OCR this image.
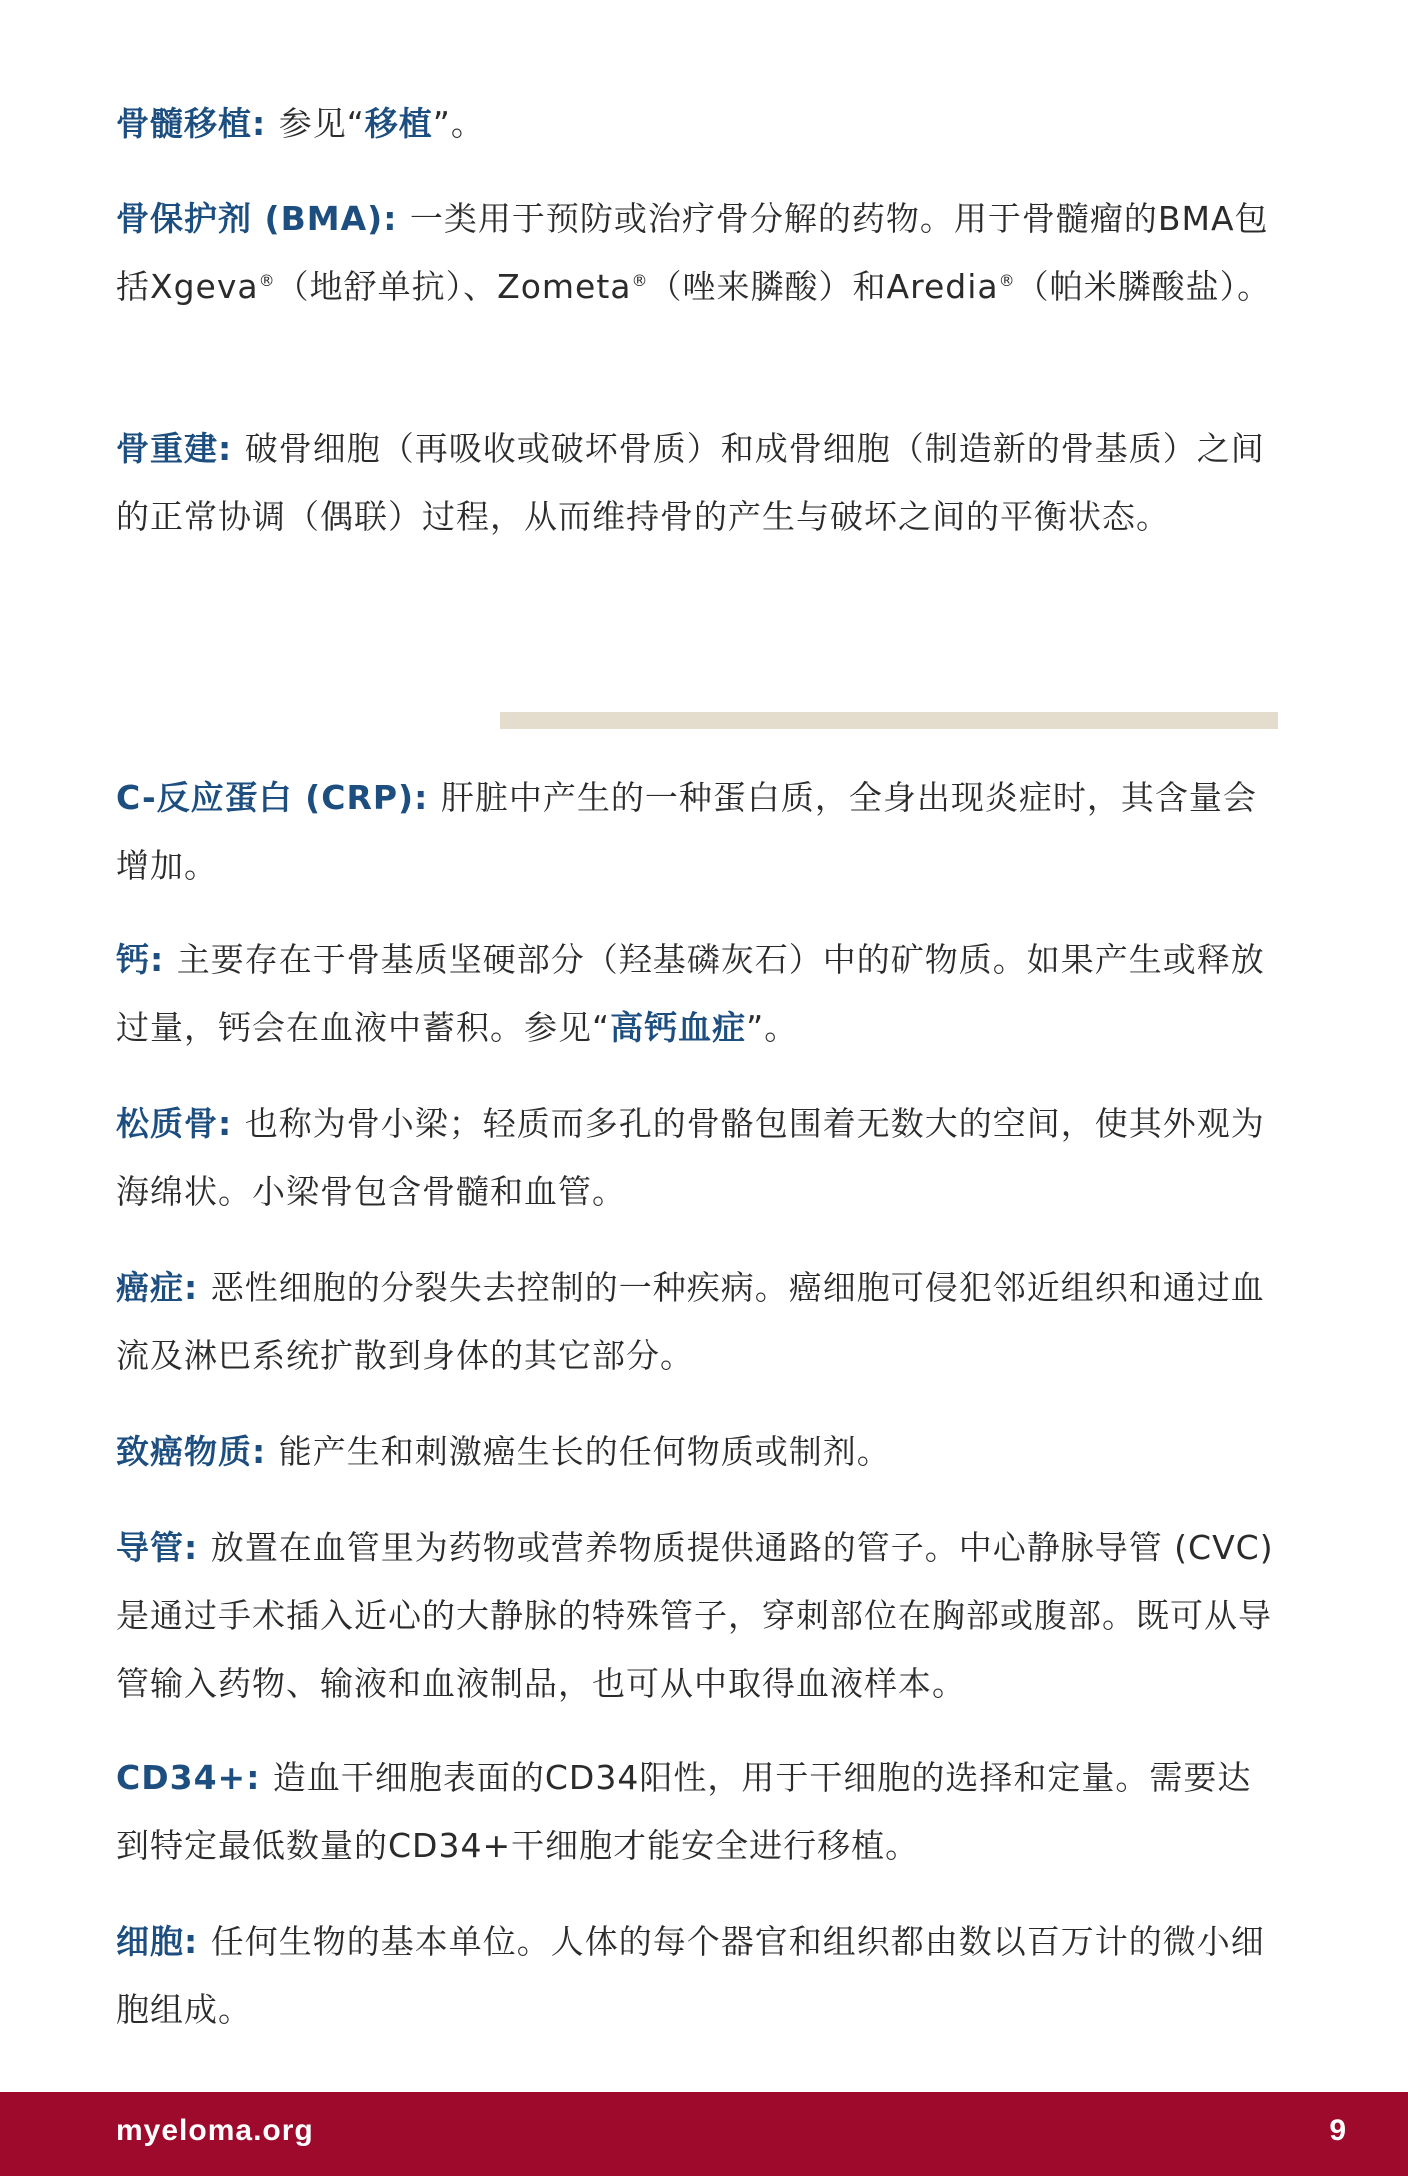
骨髓移植: 参见“移植”。

骨保护剂 (BMA): 一类用于预防或治疗骨分解的药物。用于骨髓瘤的BMA包括Xgeva®（地舒单抗）、Zometa®（唑来膦酸）和Aredia®（帕米膦酸盐）。

骨重建: 破骨细胞（再吸收或破坏骨质）和成骨细胞（制造新的骨基质）之间的正常协调（偶联）过程，从而维持骨的产生与破坏之间的平衡状态。

C-反应蛋白 (CRP): 肝脏中产生的一种蛋白质，全身出现炎症时，其含量会增加。

钙: 主要存在于骨基质坚硬部分（羟基磷灰石）中的矿物质。如果产生或释放过量，钙会在血液中蓄积。参见“高钙血症”。

松质骨: 也称为骨小梁；轻质而多孔的骨骼包围着无数大的空间，使其外观为海绵状。小梁骨包含骨髓和血管。

癌症: 恶性细胞的分裂失去控制的一种疾病。癌细胞可侵犯邻近组织和通过血流及淋巴系统扩散到身体的其它部分。

致癌物质: 能产生和刺激癌生长的任何物质或制剂。

导管: 放置在血管里为药物或营养物质提供通路的管子。中心静脉导管 (CVC) 是通过手术插入近心的大静脉的特殊管子，穿刺部位在胸部或腹部。既可从导管输入药物、输液和血液制品，也可从中取得血液样本。

CD34+: 造血干细胞表面的CD34阳性，用于干细胞的选择和定量。需要达到特定最低数量的CD34+干细胞才能安全进行移植。

细胞: 任何生物的基本单位。人体的每个器官和组织都由数以百万计的微小细胞组成。

myeloma.org	9
